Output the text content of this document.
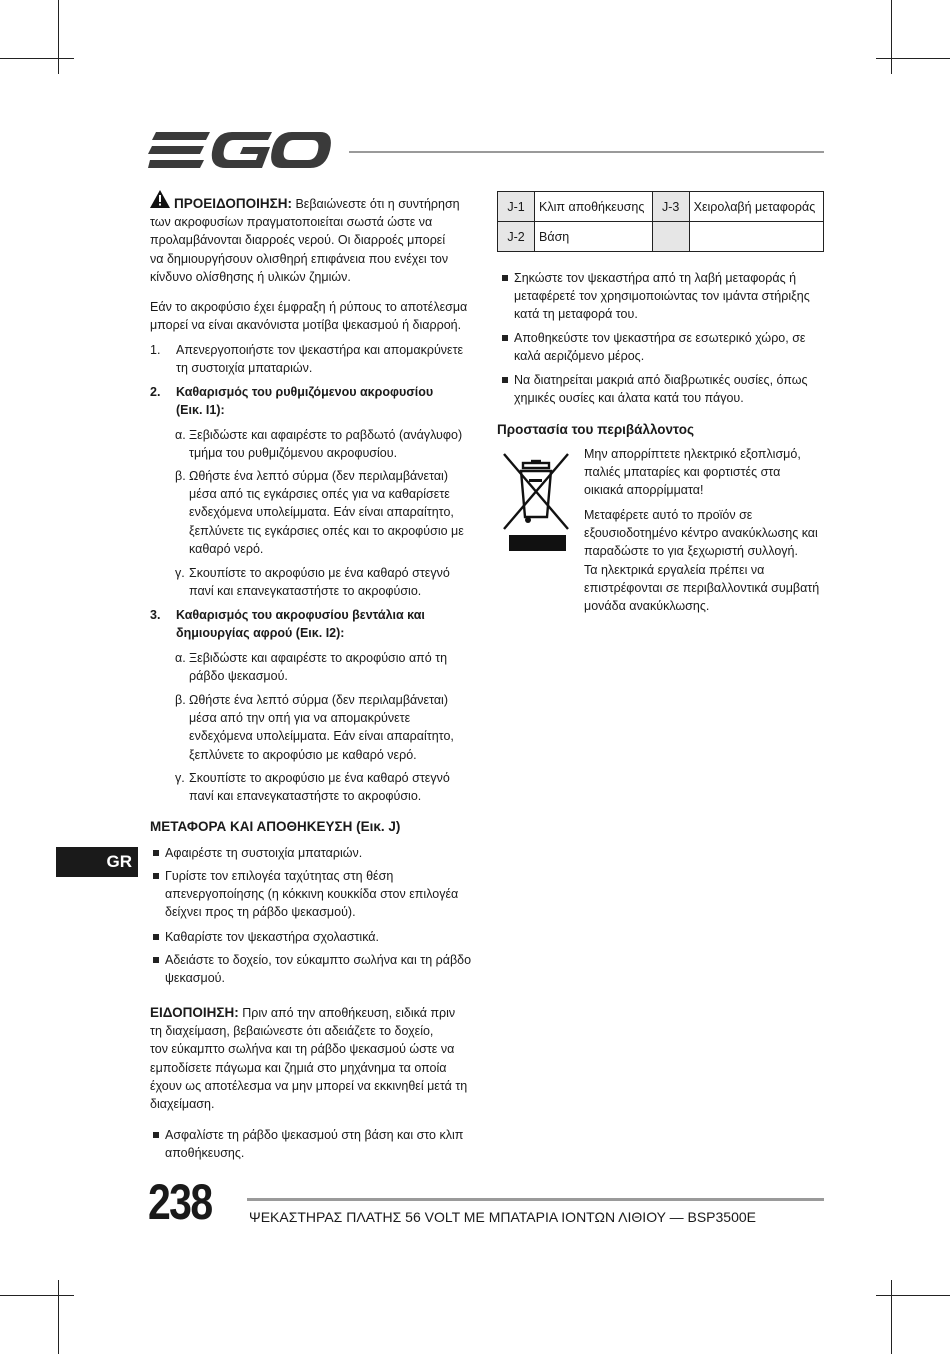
ΠΡΟΕΙΔΟΠΟΙΗΣΗ: Βεβαιώνεστε ότι η συντήρηση
των ακροφυσίων πραγματοποιείται σωστά ώστε να
προλαμβάνονται διαρροές νερού. Οι διαρροές μπορεί
να δημιουργήσουν ολισθηρή επιφάνεια που ενέχει τον
κίνδυνο ολίσθησης ή υλικών ζημιών.
Εάν το ακροφύσιο έχει έμφραξη ή ρύπους το αποτέλεσμα
μπορεί να είναι ακανόνιστα μοτίβα ψεκασμού ή διαρροή.
1. Απενεργοποιήστε τον ψεκαστήρα και απομακρύνετε
τη συστοιχία μπαταριών.
2. Καθαρισμός του ρυθμιζόμενου ακροφυσίου
(Εικ. I1):
α. Ξεβιδώστε και αφαιρέστε το ραβδωτό (ανάγλυφο)
τμήμα του ρυθμιζόμενου ακροφυσίου.
β. Ωθήστε ένα λεπτό σύρμα (δεν περιλαμβάνεται)
μέσα από τις εγκάρσιες οπές για να καθαρίσετε
ενδεχόμενα υπολείμματα. Εάν είναι απαραίτητο,
ξεπλύνετε τις εγκάρσιες οπές και το ακροφύσιο με
καθαρό νερό.
γ. Σκουπίστε το ακροφύσιο με ένα καθαρό στεγνό
πανί και επανεγκαταστήστε το ακροφύσιο.
3. Καθαρισμός του ακροφυσίου βεντάλια και
δημιουργίας αφρού (Εικ. I2):
α. Ξεβιδώστε και αφαιρέστε το ακροφύσιο από τη
ράβδο ψεκασμού.
β. Ωθήστε ένα λεπτό σύρμα (δεν περιλαμβάνεται)
μέσα από την οπή για να απομακρύνετε
ενδεχόμενα υπολείμματα. Εάν είναι απαραίτητο,
ξεπλύνετε το ακροφύσιο με καθαρό νερό.
γ. Σκουπίστε το ακροφύσιο με ένα καθαρό στεγνό
πανί και επανεγκαταστήστε το ακροφύσιο.
ΜΕΤΑΦΟΡΑ ΚΑΙ ΑΠΟΘΗΚΕΥΣΗ (Εικ. J)
Αφαιρέστε τη συστοιχία μπαταριών.
Γυρίστε τον επιλογέα ταχύτητας στη θέση
απενεργοποίησης (η κόκκινη κουκκίδα στον επιλογέα
δείχνει προς τη ράβδο ψεκασμού).
Καθαρίστε τον ψεκαστήρα σχολαστικά.
Αδειάστε το δοχείο, τον εύκαμπτο σωλήνα και τη ράβδο
ψεκασμού.
ΕΙΔΟΠΟΙΗΣΗ: Πριν από την αποθήκευση, ειδικά πριν
τη διαχείμαση, βεβαιώνεστε ότι αδειάζετε το δοχείο,
τον εύκαμπτο σωλήνα και τη ράβδο ψεκασμού ώστε να
εμποδίσετε πάγωμα και ζημιά στο μηχάνημα τα οποία
έχουν ως αποτέλεσμα να μην μπορεί να εκκινηθεί μετά τη
διαχείμαση.
Ασφαλίστε τη ράβδο ψεκασμού στη βάση και στο κλιπ
αποθήκευσης.
GR
J-1	Κλιπ αποθήκευσης	J-3	Χειρολαβή μεταφοράς
J-2	Βάση		
Σηκώστε τον ψεκαστήρα από τη λαβή μεταφοράς ή
μεταφέρετέ τον χρησιμοποιώντας τον ιμάντα στήριξης
κατά τη μεταφορά του.
Αποθηκεύστε τον ψεκαστήρα σε εσωτερικό χώρο, σε
καλά αεριζόμενο μέρος.
Να διατηρείται μακριά από διαβρωτικές ουσίες, όπως
χημικές ουσίες και άλατα κατά του πάγου.
Προστασία του περιβάλλοντος
Μην απορρίπτετε ηλεκτρικό εξοπλισμό,
παλιές μπαταρίες και φορτιστές στα
οικιακά απορρίμματα!
Μεταφέρετε αυτό το προϊόν σε
εξουσιοδοτημένο κέντρο ανακύκλωσης και
παραδώστε το για ξεχωριστή συλλογή.
Τα ηλεκτρικά εργαλεία πρέπει να
επιστρέφονται σε περιβαλλοντικά συμβατή
μονάδα ανακύκλωσης.
238	ΨΕΚΑΣΤΗΡΑΣ ΠΛΑΤΗΣ 56 VOLT ΜΕ ΜΠΑΤΑΡΙΑ ΙΟΝΤΩΝ ΛΙΘΙΟΥ — BSP3500E
